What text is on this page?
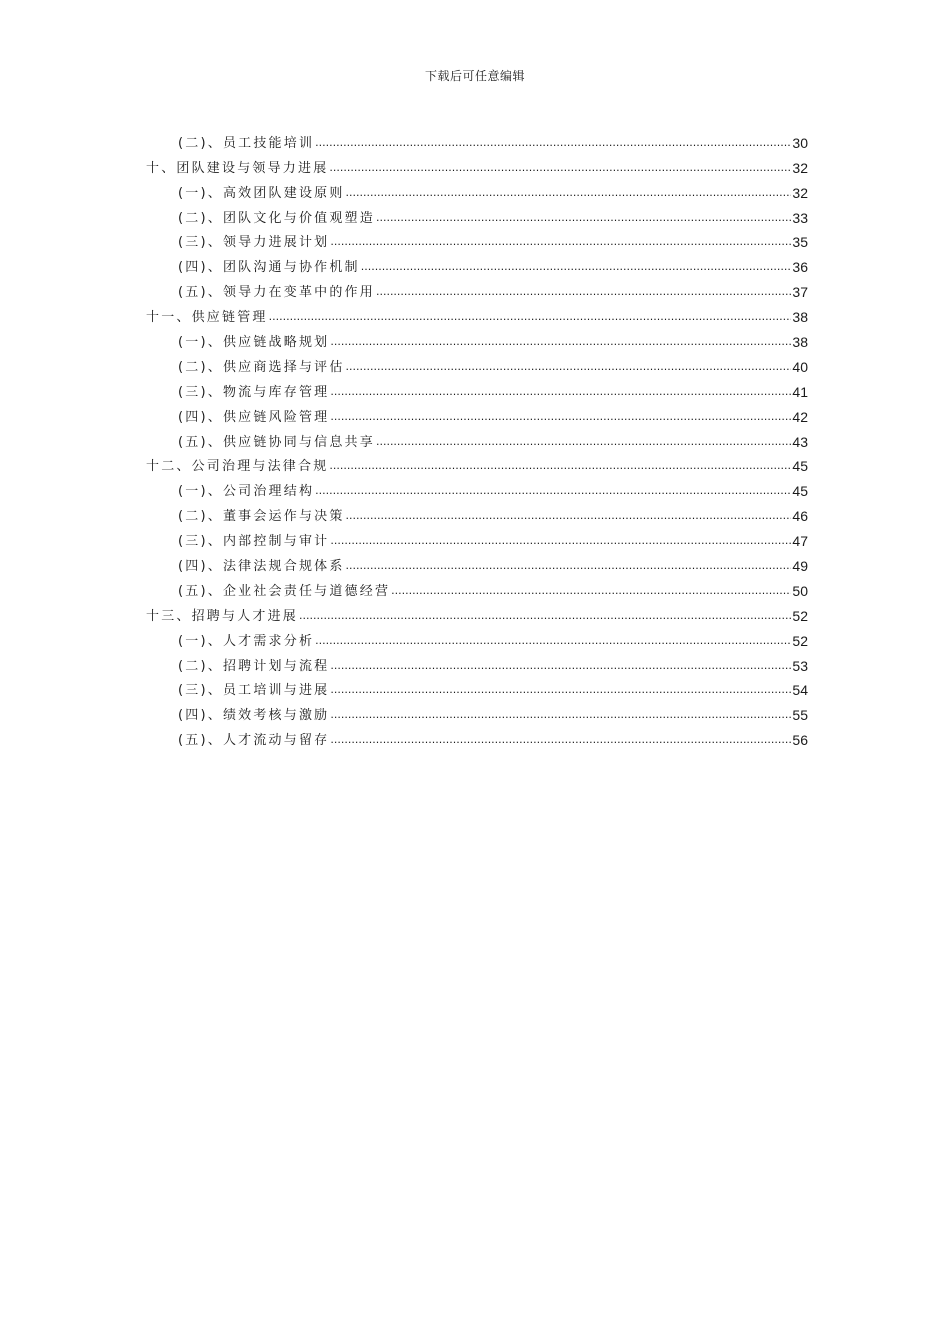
下载后可任意编辑
(二)、员工技能培训 .....	30
十、团队建设与领导力进展 .....	32
(一)、高效团队建设原则 .....	32
(二)、团队文化与价值观塑造 .....	33
(三)、领导力进展计划 .....	35
(四)、团队沟通与协作机制 .....	36
(五)、领导力在变革中的作用 .....	37
十一、供应链管理 .....	38
(一)、供应链战略规划 .....	38
(二)、供应商选择与评估 .....	40
(三)、物流与库存管理 .....	41
(四)、供应链风险管理 .....	42
(五)、供应链协同与信息共享 .....	43
十二、公司治理与法律合规 .....	45
(一)、公司治理结构 .....	45
(二)、董事会运作与决策 .....	46
(三)、内部控制与审计 .....	47
(四)、法律法规合规体系 .....	49
(五)、企业社会责任与道德经营 .....	50
十三、招聘与人才进展 .....	52
(一)、人才需求分析 .....	52
(二)、招聘计划与流程 .....	53
(三)、员工培训与进展 .....	54
(四)、绩效考核与激励 .....	55
(五)、人才流动与留存 .....	56
